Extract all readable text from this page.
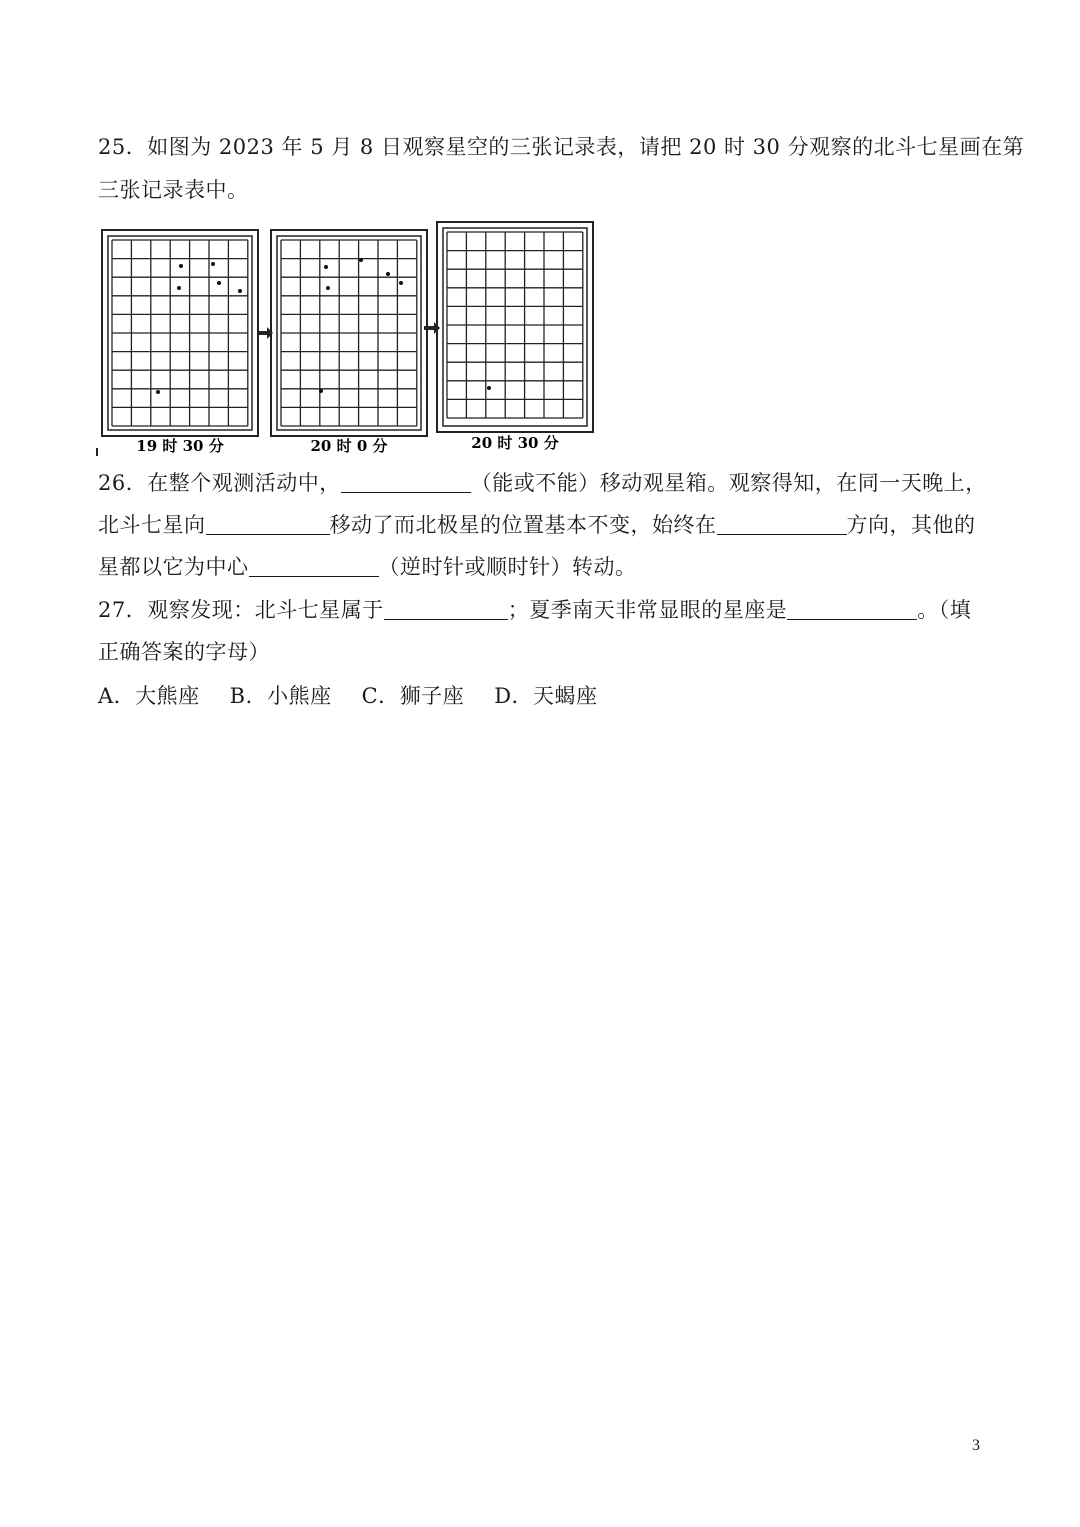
25．如图为 2023 年 5 月 8 日观察星空的三张记录表，请把 20 时 30 分观察的北斗七星画在第
三张记录表中。
19 时 30 分	20 时 0 分	20 时 30 分
26．在整个观测活动中，	（能或不能）移动观星箱。观察得知，在同一天晚上，
北斗七星向	移动了而北极星的位置基本不变，始终在	方向，其他的
星都以它为中心	（逆时针或顺时针）转动。
27．观察发现：北斗七星属于	；夏季南天非常显眼的星座是	。（填
正确答案的字母）
A．大熊座 B．小熊座 C．狮子座 D．天蝎座
3
